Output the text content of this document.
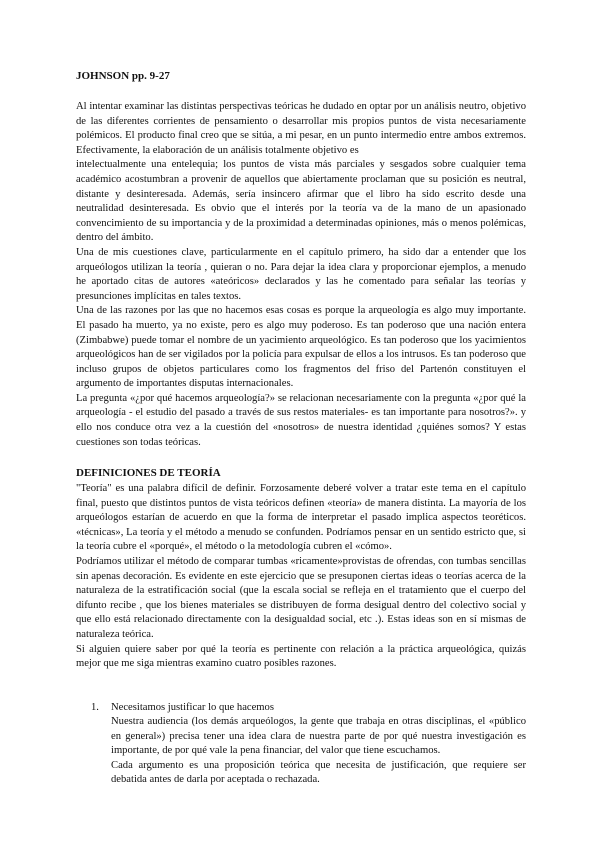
JOHNSON pp. 9-27

Al intentar examinar las distintas perspectivas teóricas he dudado en optar por un análisis neutro, objetivo de las diferentes corrientes de pensamiento o desarrollar mis propios puntos de vista necesariamente polémicos. El producto final creo que se sitúa, a mi pesar, en un punto intermedio entre ambos extremos. Efectivamente, la elaboración de un análisis totalmente objetivo es

intelectualmente una entelequia; los puntos de vista más parciales y sesgados sobre cualquier tema académico acostumbran a provenir de aquellos que abiertamente proclaman que su posición es neutral, distante y desinteresada. Además, sería insincero afirmar que el libro ha sido escrito desde una neutralidad desinteresada. Es obvio que el interés por la teoría va de la mano de un apasionado convencimiento de su importancia y de la proximidad a determinadas opiniones, más o menos polémicas, dentro del ámbito.

Una de mis cuestiones clave, particularmente en el capítulo primero, ha sido dar a entender que los arqueólogos utilizan la teoría , quieran o no. Para dejar la idea clara y proporcionar ejemplos, a menudo he aportado citas de autores «ateóricos» declarados y las he comentado para señalar las teorías y presunciones implícitas en tales textos.

Una de las razones por las que no hacemos esas cosas es porque la arqueología es algo muy importante. El pasado ha muerto, ya no existe, pero es algo muy poderoso. Es tan poderoso que una nación entera (Zimbabwe) puede tomar el nombre de un yacimiento arqueológico. Es tan poderoso que los yacimientos arqueológicos han de ser vigilados por la policía para expulsar de ellos a los intrusos. Es tan poderoso que incluso grupos de objetos particulares como los fragmentos del friso del Partenón constituyen el argumento de importantes disputas internacionales.

La pregunta «¿por qué hacemos arqueología?» se relacionan necesariamente con la pregunta «¿por qué la arqueología - el estudio del pasado a través de sus restos materiales- es tan importante para nosotros?». y ello nos conduce otra vez a la cuestión del «nosotros» de nuestra identidad ¿quiénes somos? Y estas cuestiones son todas teóricas.

DEFINICIONES DE TEORÍA

"Teoría" es una palabra difícil de definir. Forzosamente deberé volver a tratar este tema en el capítulo final, puesto que distintos puntos de vista teóricos definen «teoría» de manera distinta. La mayoría de los arqueólogos estarían de acuerdo en que la forma de interpretar el pasado implica aspectos teoréticos. «técnicas», La teoría y el método a menudo se confunden. Podríamos pensar en un sentido estricto que, si la teoría cubre el «porqué», el método o la metodología cubren el «cómo».

Podríamos utilizar el método de comparar tumbas «ricamente»provistas de ofrendas, con tumbas sencillas sin apenas decoración. Es evidente en este ejercicio que se presuponen ciertas ideas o teorías acerca de la naturaleza de la estratificación social (que la escala social se refleja en el tratamiento que el cuerpo del difunto recibe , que los bienes materiales se distribuyen de forma desigual dentro del colectivo social y que ello está relacionado directamente con la desigualdad social, etc .). Estas ideas son en sí mismas de naturaleza teórica.

Si alguien quiere saber por qué la teoría es pertinente con relación a la práctica arqueológica, quizás mejor que me siga mientras examino cuatro posibles razones.

1. Necesitamos justificar lo que hacemos

Nuestra audiencia (los demás arqueólogos, la gente que trabaja en otras disciplinas, el «público en general») precisa tener una idea clara de nuestra parte de por qué nuestra investigación es importante, de por qué vale la pena financiar, del valor que tiene escuchamos.

Cada argumento es una proposición teórica que necesita de justificación, que requiere ser debatida antes de darla por aceptada o rechazada.
